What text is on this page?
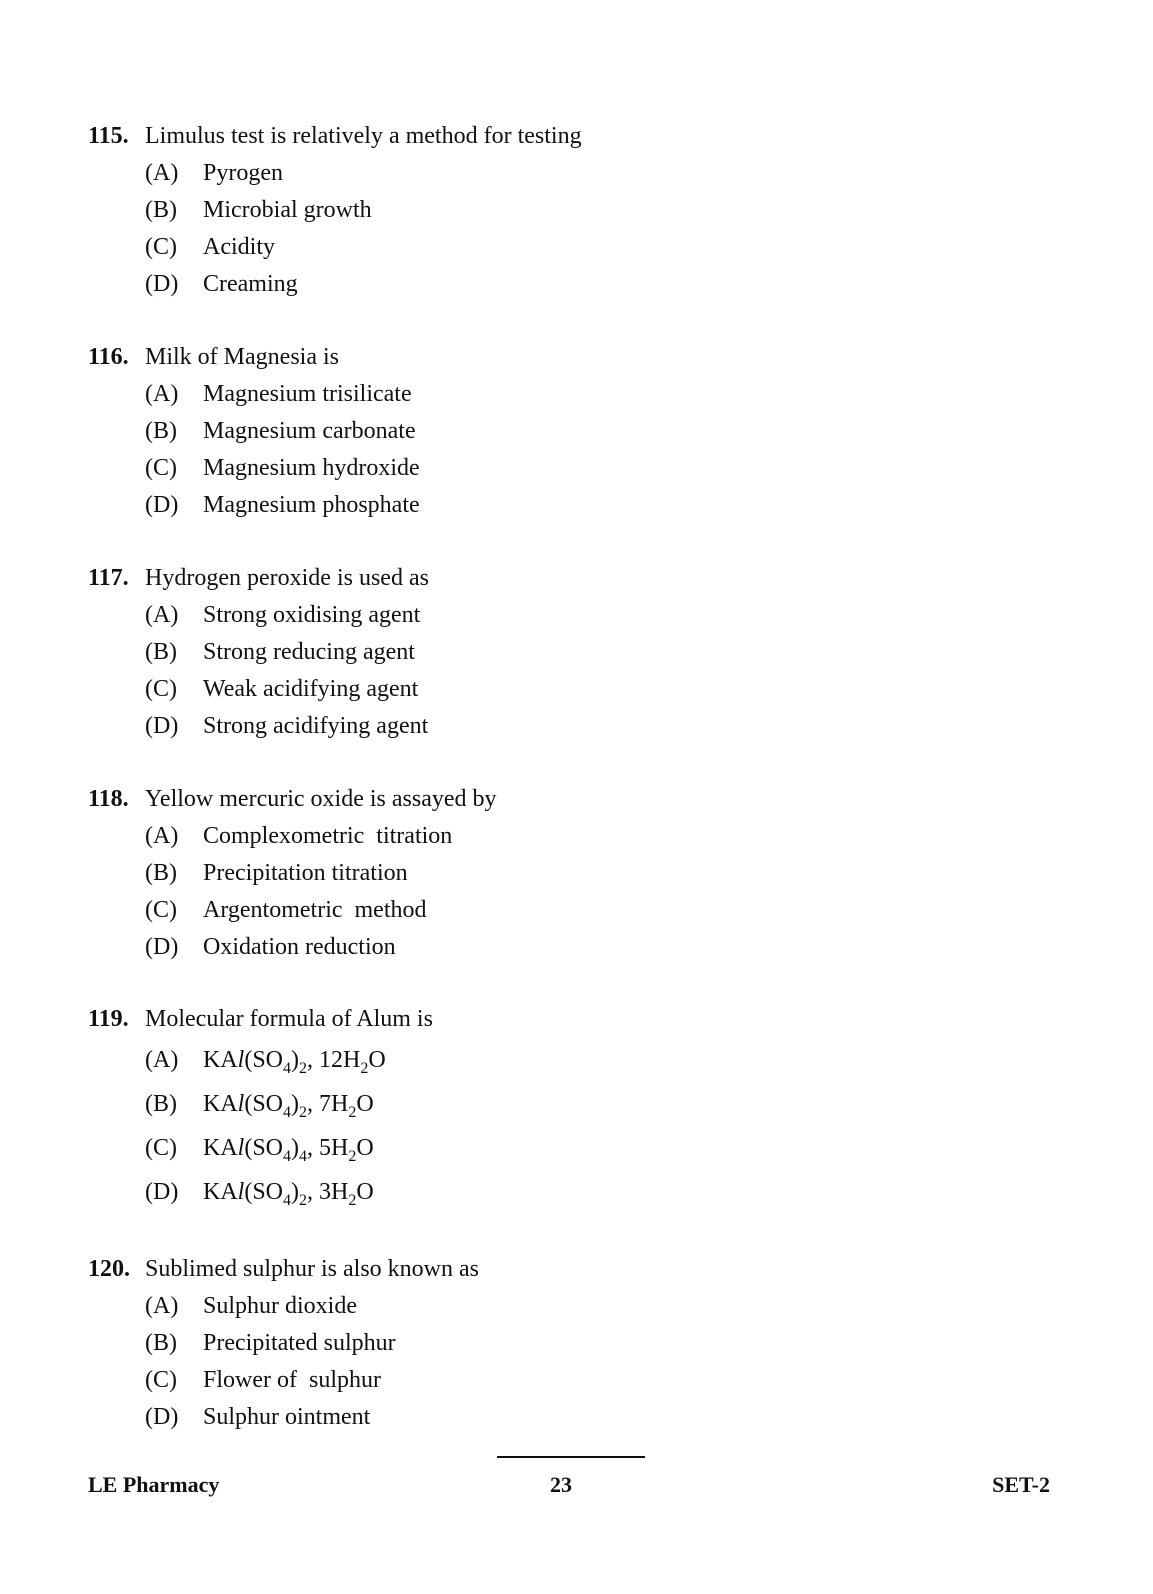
115. Limulus test is relatively a method for testing
(A) Pyrogen
(B) Microbial growth
(C) Acidity
(D) Creaming
116. Milk of Magnesia is
(A) Magnesium trisilicate
(B) Magnesium carbonate
(C) Magnesium hydroxide
(D) Magnesium phosphate
117. Hydrogen peroxide is used as
(A) Strong oxidising agent
(B) Strong reducing agent
(C) Weak acidifying agent
(D) Strong acidifying agent
118. Yellow mercuric oxide is assayed by
(A) Complexometric  titration
(B) Precipitation titration
(C) Argentometric  method
(D) Oxidation reduction
119. Molecular formula of Alum is
(A) $KAl(SO_4)_2$, $12H_2O$
(B) $KAl(SO_4)_2$, $7H_2O$
(C) $KAl(SO_4)_4$, $5H_2O$
(D) $KAl(SO_4)_2$, $3H_2O$
120. Sublimed sulphur is also known as
(A) Sulphur dioxide
(B) Precipitated sulphur
(C) Flower of  sulphur
(D) Sulphur ointment
LE Pharmacy	23	SET-2
